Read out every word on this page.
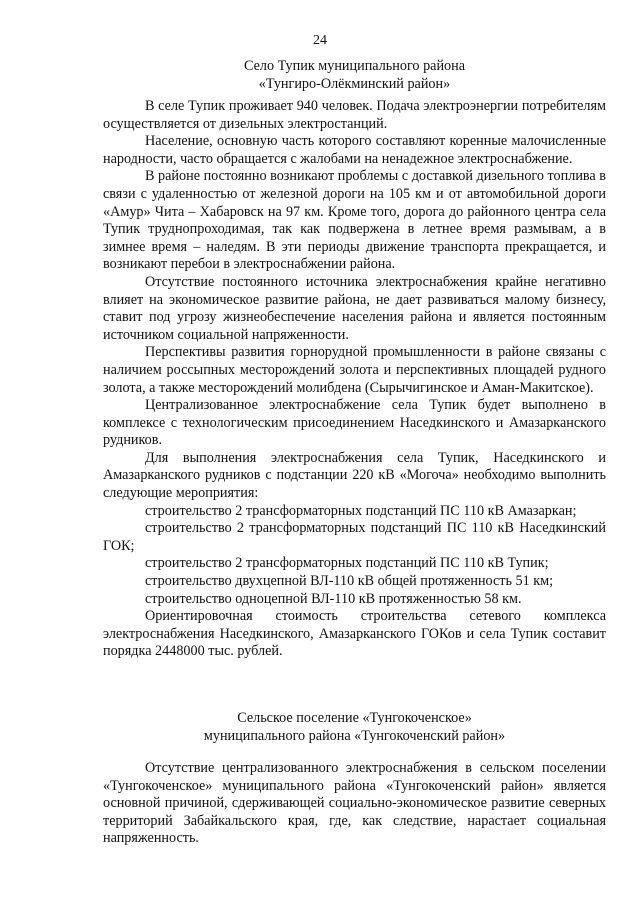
24
Село Тупик муниципального района
«Тунгиро-Олёкминский район»

В селе Тупик проживает 940 человек. Подача электроэнергии потребителям осуществляется от дизельных электростанций.

Население, основную часть которого составляют коренные малочисленные народности, часто обращается с жалобами на ненадежное электроснабжение.

В районе постоянно возникают проблемы с доставкой дизельного топлива в связи с удаленностью от железной дороги на 105 км и от автомобильной дороги «Амур» Чита – Хабаровск на 97 км. Кроме того, дорога до районного центра села Тупик труднопроходимая, так как подвержена в летнее время размывам, а в зимнее время – наледям. В эти периоды движение транспорта прекращается, и возникают перебои в электроснабжении района.

Отсутствие постоянного источника электроснабжения крайне негативно влияет на экономическое развитие района, не дает развиваться малому бизнесу, ставит под угрозу жизнеобеспечение населения района и является постоянным источником социальной напряженности.

Перспективы развития горнорудной промышленности в районе связаны с наличием россыпных месторождений золота и перспективных площадей рудного золота, а также месторождений молибдена (Сырычигинское и Аман-Макитское).

Централизованное электроснабжение села Тупик будет выполнено в комплексе с технологическим присоединением Наседкинского и Амазарканского рудников.

Для выполнения электроснабжения села Тупик, Наседкинского и Амазарканского рудников с подстанции 220 кВ «Могоча» необходимо выполнить следующие мероприятия:

строительство 2 трансформаторных подстанций ПС 110 кВ Амазаркан;

строительство 2 трансформаторных подстанций ПС 110 кВ Наседкинский ГОК;

строительство 2 трансформаторных подстанций ПС 110 кВ Тупик;

строительство двухцепной ВЛ-110 кВ общей протяженность 51 км;

строительство одноцепной ВЛ-110 кВ протяженностью 58 км.

Ориентировочная стоимость строительства сетевого комплекса электроснабжения Наседкинского, Амазарканского ГОКов и села Тупик составит порядка 2448000 тыс. рублей.

Сельское поселение «Тунгокоченское»
муниципального района «Тунгокоченский район»

Отсутствие централизованного электроснабжения в сельском поселении «Тунгокоченское» муниципального района «Тунгокоченский район» является основной причиной, сдерживающей социально-экономическое развитие северных территорий Забайкальского края, где, как следствие, нарастает социальная напряженность.
